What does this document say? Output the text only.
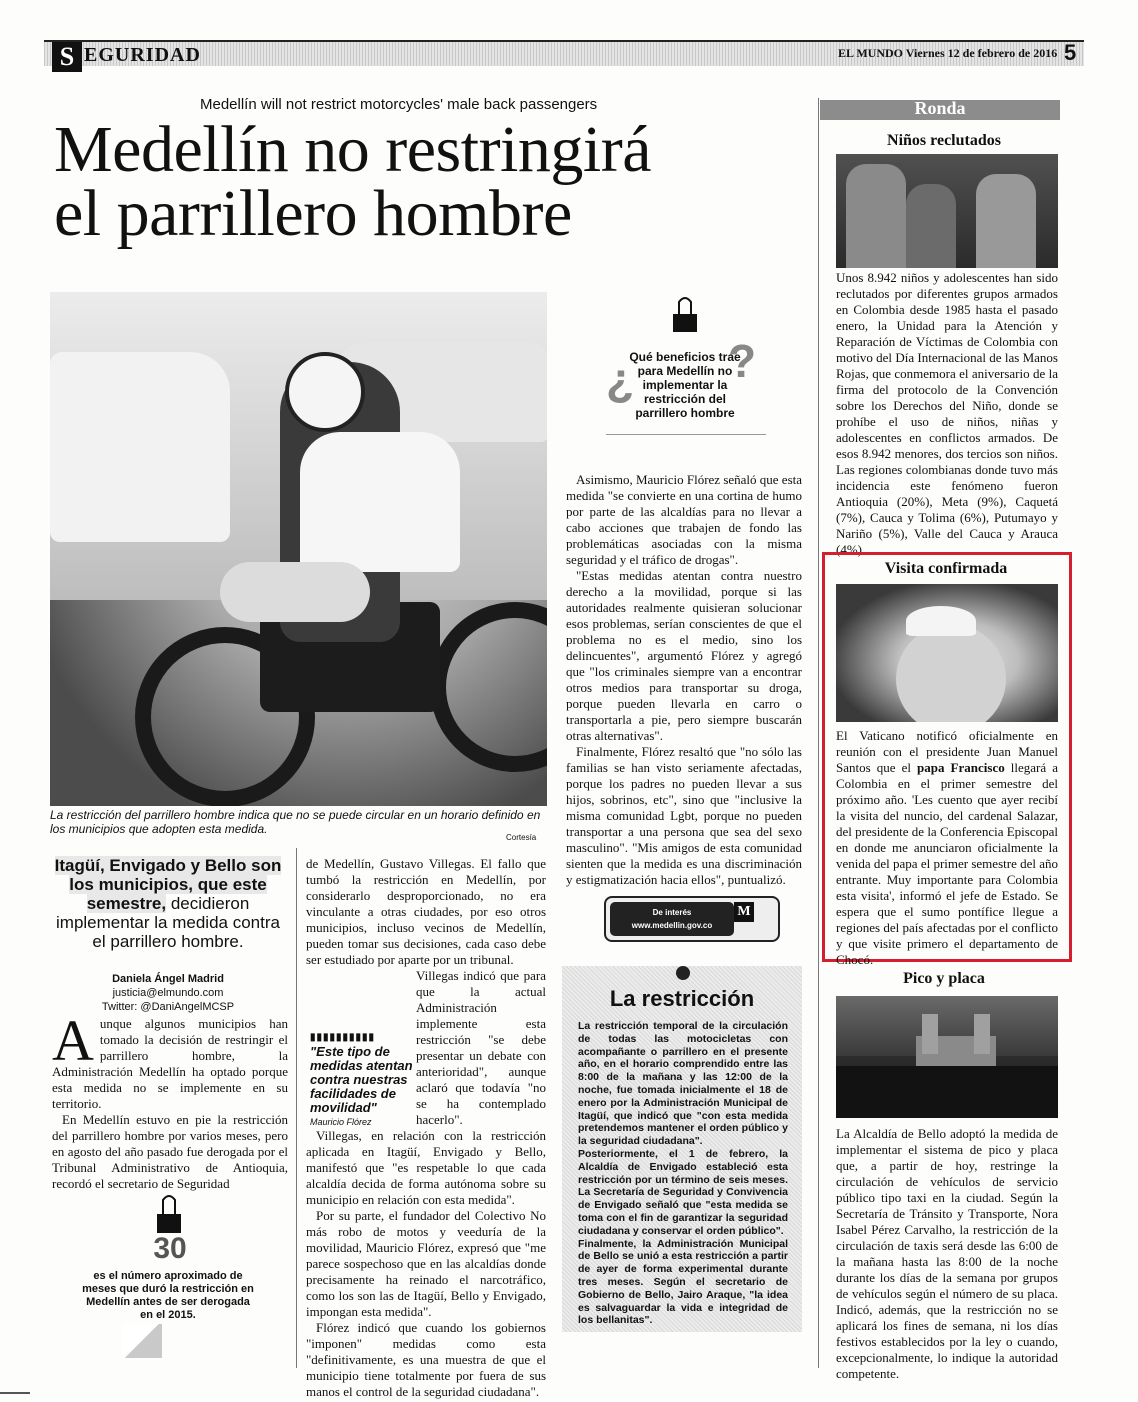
S EGURIDAD	EL MUNDO Viernes 12 de febrero de 2016 5
Medellín will not restrict motorcycles' male back passengers
Medellín no restringirá
el parrillero hombre
La restricción del parrillero hombre indica que no se puede circular en un horario definido en los municipios que adopten esta medida.
Cortesía
¿ ?
Qué beneficios trae para Medellín no implementar la restricción del parrillero hombre

Asimismo, Mauricio Flórez señaló que esta medida "se convierte en una cortina de humo por parte de las alcaldías para no llevar a cabo acciones que trabajen de fondo las problemáticas asociadas con la misma seguridad y el tráfico de drogas".

"Estas medidas atentan contra nuestro derecho a la movilidad, porque si las autoridades realmente quisieran solucionar esos problemas, serían conscientes de que el problema no es el medio, sino los delincuentes", argumentó Flórez y agregó que "los criminales siempre van a encontrar otros medios para transportar su droga, porque pueden llevarla en carro o transportarla a pie, pero siempre buscarán otras alternativas".

Finalmente, Flórez resaltó que "no sólo las familias se han visto seriamente afectadas, porque los padres no pueden llevar a sus hijos, sobrinos, etc", sino que "inclusive la misma comunidad Lgbt, porque no pueden transportar a una persona que sea del sexo masculino". "Mis amigos de esta comunidad sienten que la medida es una discriminación y estigmatización hacia ellos", puntualizó.

Itagüí, Envigado y Bello son los municipios, que este semestre, decidieron implementar la medida contra el parrillero hombre.
Daniela Ángel Madrid
justicia@elmundo.com
Twitter: @DaniAngelMCSP
A unque algunos municipios han tomado la decisión de restringir el parrillero hombre, la Administración Medellín ha optado porque esta medida no se implemente en su territorio.

En Medellín estuvo en pie la restricción del parrillero hombre por varios meses, pero en agosto del año pasado fue derogada por el Tribunal Administrativo de Antioquia, recordó el secretario de Seguridad

30
es el número aproximado de meses que duró la restricción en Medellín antes de ser derogada en el 2015.

de Medellín, Gustavo Villegas. El fallo que tumbó la restricción en Medellín, por considerarlo desproporcionado, no era vinculante a otras ciudades, por eso otros municipios, incluso vecinos de Medellín, pueden tomar sus decisiones, cada caso debe ser estudiado por aparte por un tribunal.

Villegas indicó que para que la actual Administración implemente esta restricción "se debe presentar un debate con anterioridad", aunque aclaró que todavía "no se ha contemplado hacerlo".

Villegas, en relación con la restricción aplicada en Itagüí, Envigado y Bello, manifestó que "es respetable lo que cada alcaldía decida de forma autónoma sobre su municipio en relación con esta medida".

Por su parte, el fundador del Colectivo No más robo de motos y veeduría de la movilidad, Mauricio Flórez, expresó que "me parece sospechoso que en las alcaldías donde precisamente ha reinado el narcotráfico, como los son las de Itagüí, Bello y Envigado, impongan esta medida".

Flórez indicó que cuando los gobiernos "imponen" medidas como esta "definitivamente, es una muestra de que el municipio tiene totalmente por fuera de sus manos el control de la seguridad ciudadana".

▮▮▮▮▮▮▮▮▮▮
"Este tipo de medidas atentan contra nuestras facilidades de movilidad"
Mauricio Flórez
De interés
www.medellin.gov.co
M
La restricción

La restricción temporal de la circulación de todas las motocicletas con acompañante o parrillero en el presente año, en el horario comprendido entre las 8:00 de la mañana y las 12:00 de la noche, fue tomada inicialmente el 18 de enero por la Administración Municipal de Itagüí, que indicó que "con esta medida pretendemos mantener el orden público y la seguridad ciudadana".

Posteriormente, el 1 de febrero, la Alcaldía de Envigado estableció esta restricción por un término de seis meses. La Secretaría de Seguridad y Convivencia de Envigado señaló que "esta medida se toma con el fin de garantizar la seguridad ciudadana y conservar el orden público".

Finalmente, la Administración Municipal de Bello se unió a esta restricción a partir de ayer de forma experimental durante tres meses. Según el secretario de Gobierno de Bello, Jairo Araque, "la idea es salvaguardar la vida e integridad de los bellanitas".

Ronda
Niños reclutados
Unos 8.942 niños y adolescentes han sido reclutados por diferentes grupos armados en Colombia desde 1985 hasta el pasado enero, la Unidad para la Atención y Reparación de Víctimas de Colombia con motivo del Día Internacional de las Manos Rojas, que conmemora el aniversario de la firma del protocolo de la Convención sobre los Derechos del Niño, donde se prohíbe el uso de niños, niñas y adolescentes en conflictos armados. De esos 8.942 menores, dos tercios son niños. Las regiones colombianas donde tuvo más incidencia este fenómeno fueron Antioquia (20%), Meta (9%), Caquetá (7%), Cauca y Tolima (6%), Putumayo y Nariño (5%), Valle del Cauca y Arauca (4%).
Visita confirmada
El Vaticano notificó oficialmente en reunión con el presidente Juan Manuel Santos que el papa Francisco llegará a Colombia en el primer semestre del próximo año. 'Les cuento que ayer recibí la visita del nuncio, del cardenal Salazar, del presidente de la Conferencia Episcopal en donde me anunciaron oficialmente la venida del papa el primer semestre del año entrante. Muy importante para Colombia esta visita', informó el jefe de Estado. Se espera que el sumo pontífice llegue a regiones del país afectadas por el conflicto y que visite primero el departamento de Chocó.
Pico y placa
La Alcaldía de Bello adoptó la medida de implementar el sistema de pico y placa que, a partir de hoy, restringe la circulación de vehículos de servicio público tipo taxi en la ciudad. Según la Secretaría de Tránsito y Transporte, Nora Isabel Pérez Carvalho, la restricción de la circulación de taxis será desde las 6:00 de la mañana hasta las 8:00 de la noche durante los días de la semana por grupos de vehículos según el número de su placa. Indicó, además, que la restricción no se aplicará los fines de semana, ni los días festivos establecidos por la ley o cuando, excepcionalmente, lo indique la autoridad competente.
